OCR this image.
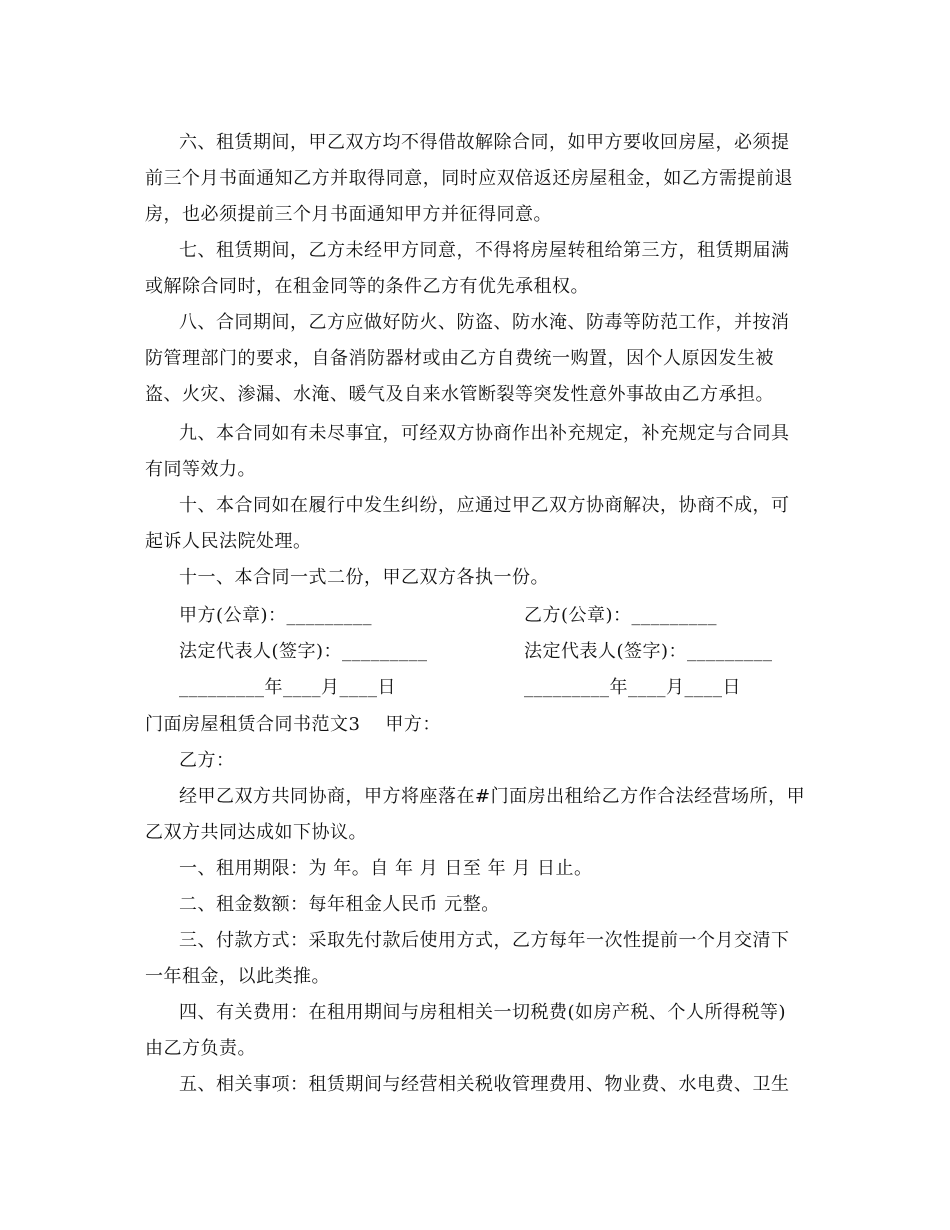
六、租赁期间，甲乙双方均不得借故解除合同，如甲方要收回房屋，必须提
前三个月书面通知乙方并取得同意，同时应双倍返还房屋租金，如乙方需提前退
房，也必须提前三个月书面通知甲方并征得同意。
七、租赁期间，乙方未经甲方同意，不得将房屋转租给第三方，租赁期届满
或解除合同时，在租金同等的条件乙方有优先承租权。
八、合同期间，乙方应做好防火、防盗、防水淹、防毒等防范工作，并按消
防管理部门的要求，自备消防器材或由乙方自费统一购置，因个人原因发生被
盗、火灾、渗漏、水淹、暖气及自来水管断裂等突发性意外事故由乙方承担。
九、本合同如有未尽事宜，可经双方协商作出补充规定，补充规定与合同具
有同等效力。
十、本合同如在履行中发生纠纷，应通过甲乙双方协商解决，协商不成，可
起诉人民法院处理。
十一、本合同一式二份，甲乙双方各执一份。
甲方(公章)：_________	乙方(公章)：_________
法定代表人(签字)：_________	法定代表人(签字)：_________
_________年____月____日	_________年____月____日
门面房屋租赁合同书范文3    甲方：
乙方：
经甲乙双方共同协商，甲方将座落在#门面房出租给乙方作合法经营场所，甲
乙双方共同达成如下协议。
一、租用期限：为 年。自 年 月 日至 年 月 日止。
二、租金数额：每年租金人民币 元整。
三、付款方式：采取先付款后使用方式，乙方每年一次性提前一个月交清下
一年租金，以此类推。
四、有关费用：在租用期间与房租相关一切税费(如房产税、个人所得税等)
由乙方负责。
五、相关事项：租赁期间与经营相关税收管理费用、物业费、水电费、卫生
